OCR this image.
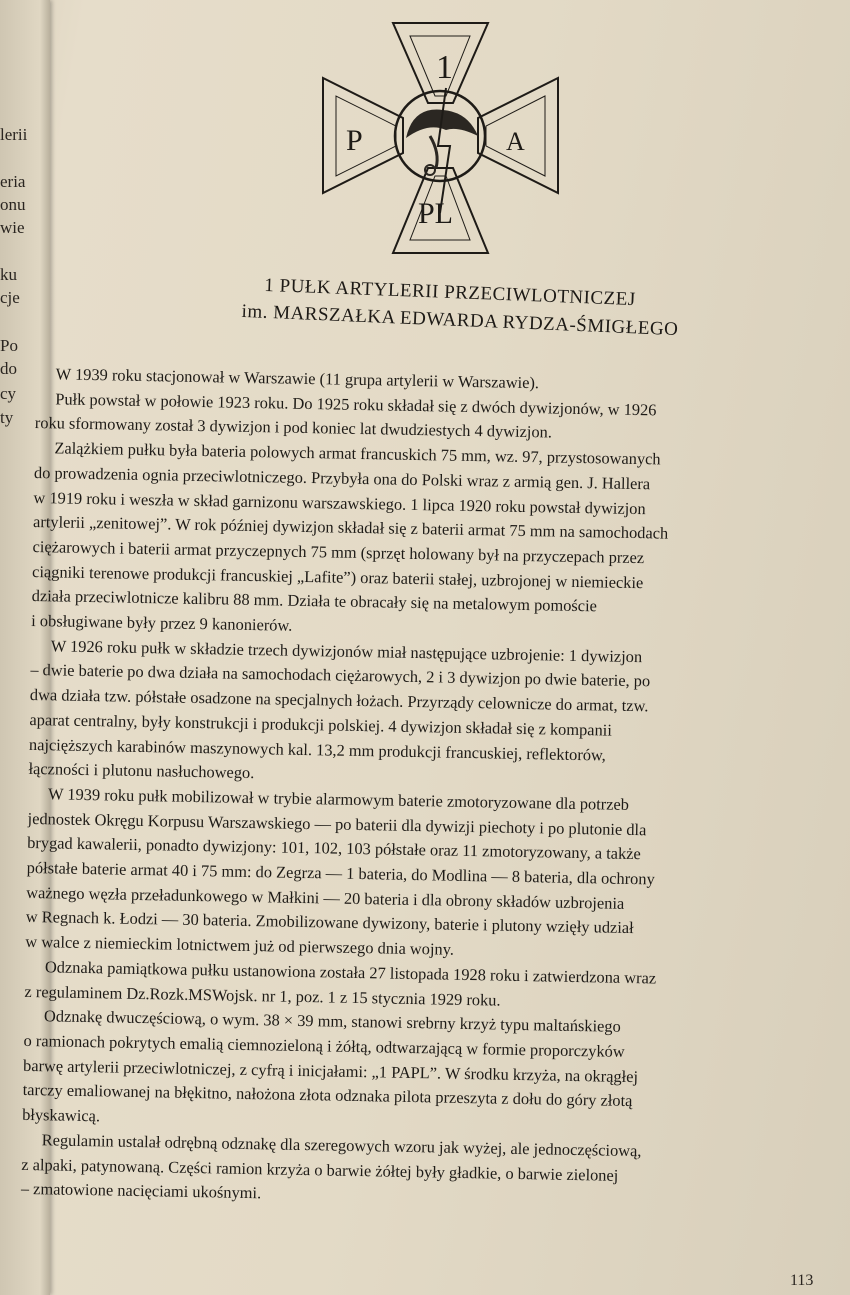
lerii
eria
onu
wie
ku
cje
Po
do
cy
ty
1
P	A
PL
1 PUŁK ARTYLERII PRZECIWLOTNICZEJ
im. MARSZAŁKA EDWARDA RYDZA-ŚMIGŁEGO
W 1939 roku stacjonował w Warszawie (11 grupa artylerii w Warszawie).
Pułk powstał w połowie 1923 roku. Do 1925 roku składał się z dwóch dywizjonów, w 1926
roku sformowany został 3 dywizjon i pod koniec lat dwudziestych 4 dywizjon.
Zalążkiem pułku była bateria polowych armat francuskich 75 mm, wz. 97, przystosowanych
do prowadzenia ognia przeciwlotniczego. Przybyła ona do Polski wraz z armią gen. J. Hallera
w 1919 roku i weszła w skład garnizonu warszawskiego. 1 lipca 1920 roku powstał dywizjon
artylerii „zenitowej”. W rok później dywizjon składał się z baterii armat 75 mm na samochodach
ciężarowych i baterii armat przyczepnych 75 mm (sprzęt holowany był na przyczepach przez
ciągniki terenowe produkcji francuskiej „Lafite”) oraz baterii stałej, uzbrojonej w niemieckie
działa przeciwlotnicze kalibru 88 mm. Działa te obracały się na metalowym pomoście
i obsługiwane były przez 9 kanonierów.
W 1926 roku pułk w składzie trzech dywizjonów miał następujące uzbrojenie: 1 dywizjon
– dwie baterie po dwa działa na samochodach ciężarowych, 2 i 3 dywizjon po dwie baterie, po
dwa działa tzw. półstałe osadzone na specjalnych łożach. Przyrządy celownicze do armat, tzw.
aparat centralny, były konstrukcji i produkcji polskiej. 4 dywizjon składał się z kompanii
najcięższych karabinów maszynowych kal. 13,2 mm produkcji francuskiej, reflektorów,
łączności i plutonu nasłuchowego.
W 1939 roku pułk mobilizował w trybie alarmowym baterie zmotoryzowane dla potrzeb
jednostek Okręgu Korpusu Warszawskiego — po baterii dla dywizji piechoty i po plutonie dla
brygad kawalerii, ponadto dywizjony: 101, 102, 103 półstałe oraz 11 zmotoryzowany, a także
półstałe baterie armat 40 i 75 mm: do Zegrza — 1 bateria, do Modlina — 8 bateria, dla ochrony
ważnego węzła przeładunkowego w Małkini — 20 bateria i dla obrony składów uzbrojenia
w Regnach k. Łodzi — 30 bateria. Zmobilizowane dywizony, baterie i plutony wzięły udział
w walce z niemieckim lotnictwem już od pierwszego dnia wojny.
Odznaka pamiątkowa pułku ustanowiona została 27 listopada 1928 roku i zatwierdzona wraz
z regulaminem Dz.Rozk.MSWojsk. nr 1, poz. 1 z 15 stycznia 1929 roku.
Odznakę dwuczęściową, o wym. 38 × 39 mm, stanowi srebrny krzyż typu maltańskiego
o ramionach pokrytych emalią ciemnozieloną i żółtą, odtwarzającą w formie proporczyków
barwę artylerii przeciwlotniczej, z cyfrą i inicjałami: „1 PAPL”. W środku krzyża, na okrągłej
tarczy emaliowanej na błękitno, nałożona złota odznaka pilota przeszyta z dołu do góry złotą
błyskawicą.
Regulamin ustalał odrębną odznakę dla szeregowych wzoru jak wyżej, ale jednoczęściową,
z alpaki, patynowaną. Części ramion krzyża o barwie żółtej były gładkie, o barwie zielonej
– zmatowione nacięciami ukośnymi.
113
